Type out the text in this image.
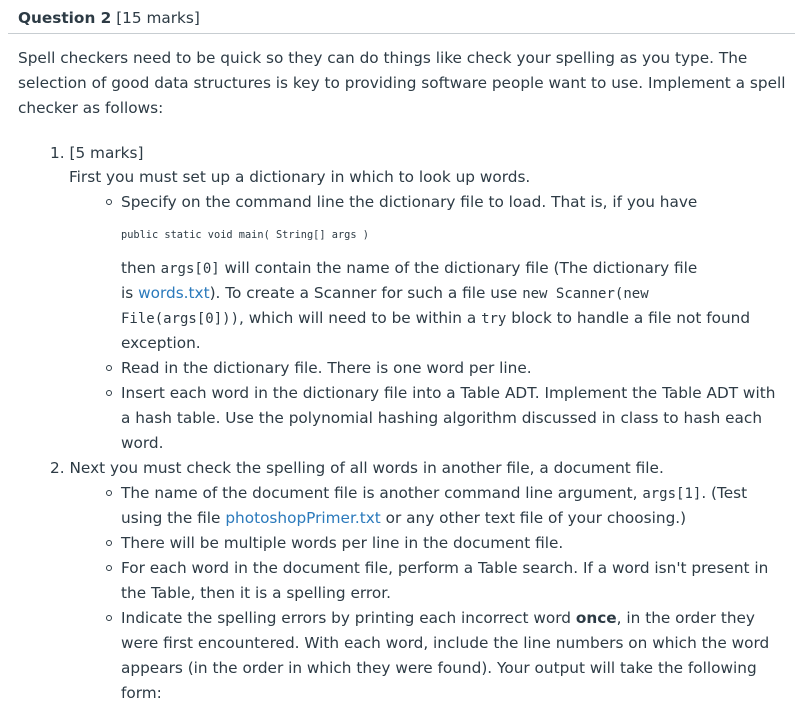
Question 2 [15 marks]
Spell checkers need to be quick so they can do things like check your spelling as you type. The
selection of good data structures is key to providing software people want to use. Implement a spell
checker as follows:
1. [5 marks]
First you must set up a dictionary in which to look up words.
Specify on the command line the dictionary file to load. That is, if you have
public static void main( String[] args )
then args[0] will contain the name of the dictionary file (The dictionary file
is words.txt). To create a Scanner for such a file use new Scanner(new
File(args[0])), which will need to be within a try block to handle a file not found
exception.
Read in the dictionary file. There is one word per line.
Insert each word in the dictionary file into a Table ADT. Implement the Table ADT with
a hash table. Use the polynomial hashing algorithm discussed in class to hash each
word.
2. Next you must check the spelling of all words in another file, a document file.
The name of the document file is another command line argument, args[1]. (Test
using the file photoshopPrimer.txt or any other text file of your choosing.)
There will be multiple words per line in the document file.
For each word in the document file, perform a Table search. If a word isn't present in
the Table, then it is a spelling error.
Indicate the spelling errors by printing each incorrect word once, in the order they
were first encountered. With each word, include the line numbers on which the word
appears (in the order in which they were found). Your output will take the following
form:
